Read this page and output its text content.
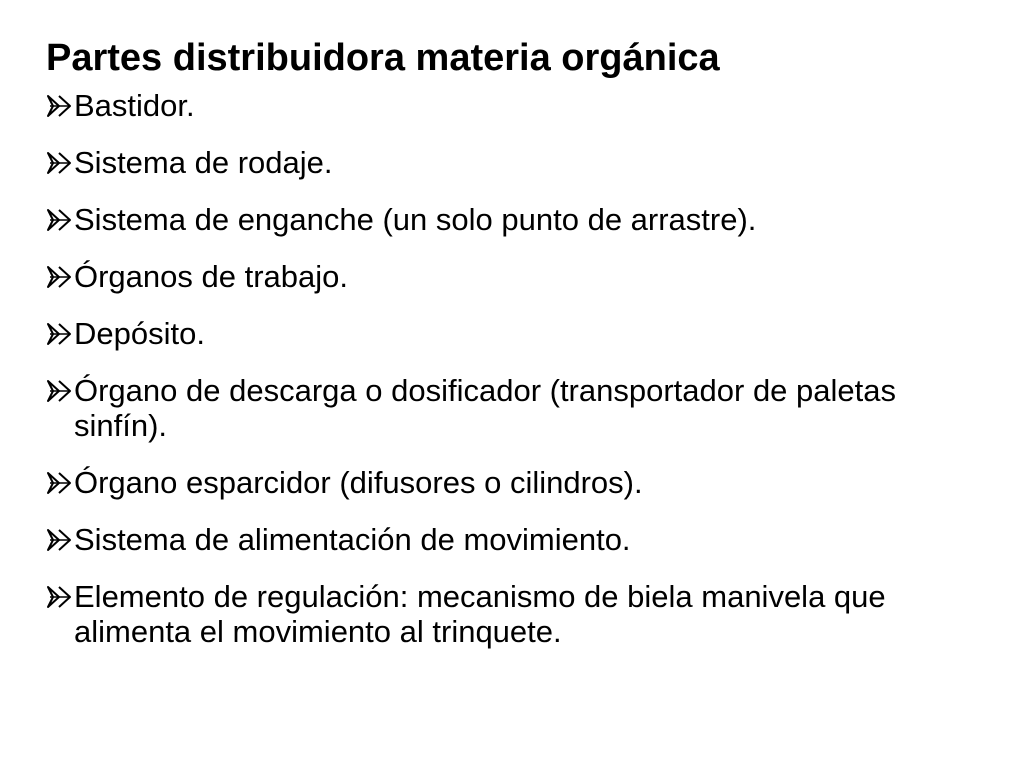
Partes distribuidora materia orgánica
Bastidor.
Sistema de rodaje.
Sistema de enganche (un solo punto de arrastre).
Órganos de trabajo.
Depósito.
Órgano de descarga o dosificador (transportador de paletas sinfín).
Órgano esparcidor (difusores o cilindros).
Sistema de alimentación de movimiento.
Elemento de regulación: mecanismo de biela manivela que alimenta el movimiento al trinquete.
